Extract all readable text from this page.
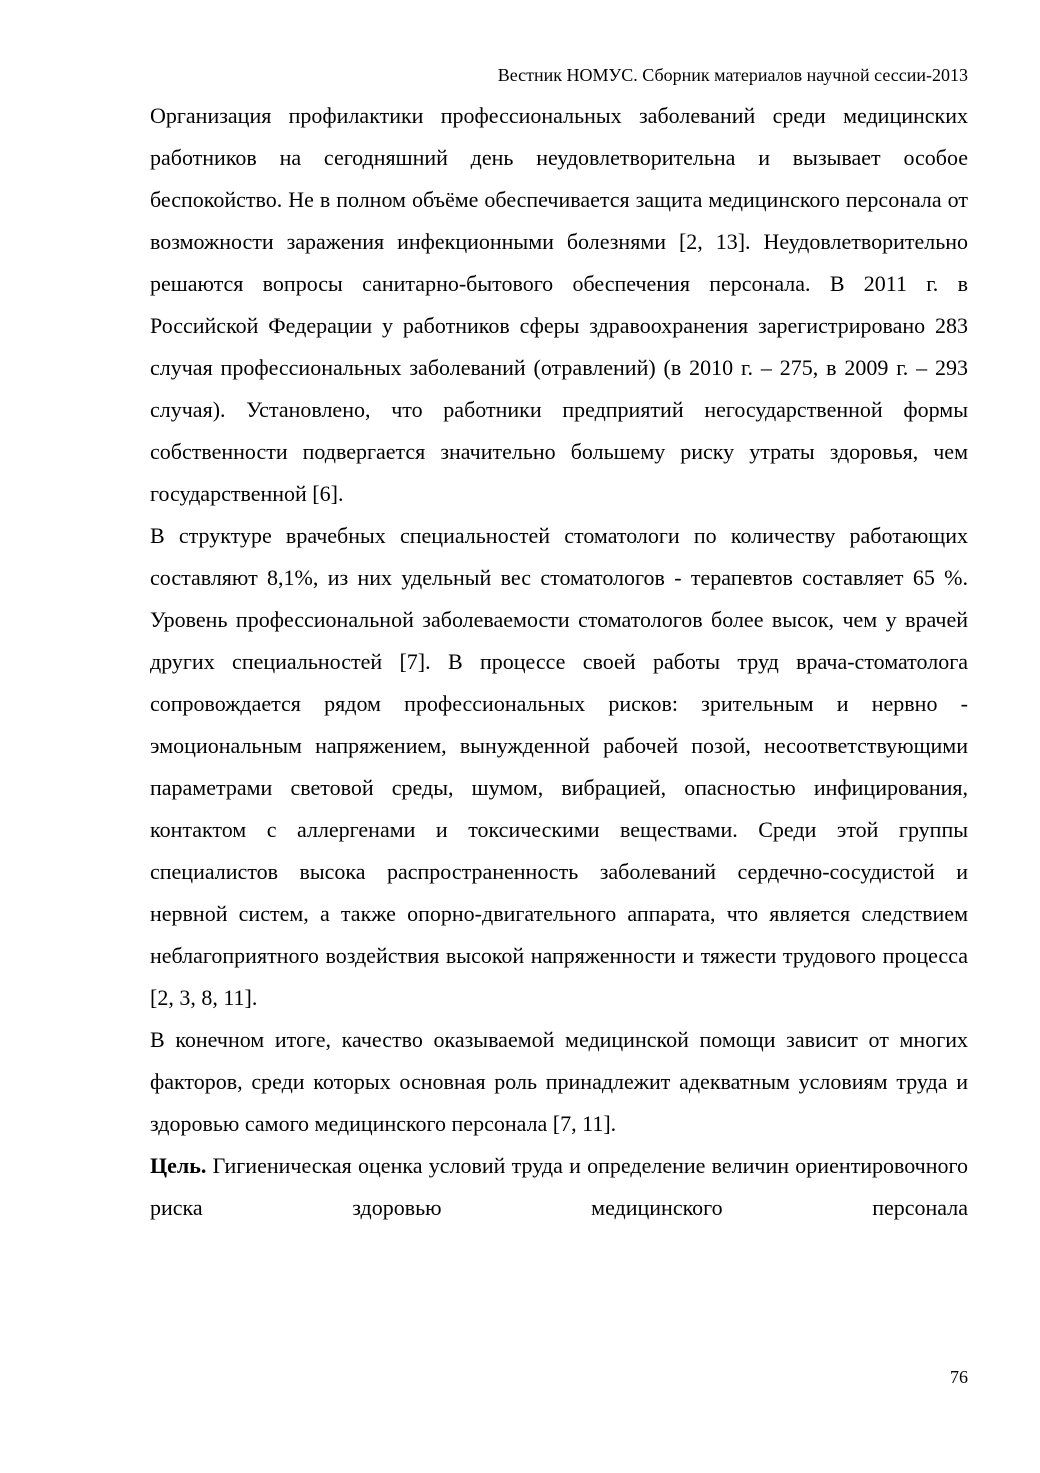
Вестник НОМУС. Сборник материалов научной сессии-2013

Организация профилактики профессиональных заболеваний среди медицинских работников на сегодняшний день неудовлетворительна и вызывает особое беспокойство. Не в полном объёме обеспечивается защита медицинского персонала от возможности заражения инфекционными болезнями [2, 13]. Неудовлетворительно решаются вопросы санитарно-бытового обеспечения персонала. В 2011 г. в Российской Федерации у работников сферы здравоохранения зарегистрировано 283 случая профессиональных заболеваний (отравлений) (в 2010 г. – 275, в 2009 г. – 293 случая). Установлено, что работники предприятий негосударственной формы собственности подвергается значительно большему риску утраты здоровья, чем государственной [6].

В структуре врачебных специальностей стоматологи по количеству работающих составляют 8,1%, из них удельный вес стоматологов - терапевтов составляет 65 %. Уровень профессиональной заболеваемости стоматологов более высок, чем у врачей других специальностей [7]. В процессе своей работы труд врача-стоматолога сопровождается рядом профессиональных рисков: зрительным и нервно - эмоциональным напряжением, вынужденной рабочей позой, несоответствующими параметрами световой среды, шумом, вибрацией, опасностью инфицирования, контактом с аллергенами и токсическими веществами. Среди этой группы специалистов высока распространенность заболеваний сердечно-сосудистой и нервной систем, а также опорно-двигательного аппарата, что является следствием неблагоприятного воздействия высокой напряженности и тяжести трудового процесса [2, 3, 8, 11].

В конечном итоге, качество оказываемой медицинской помощи зависит от многих факторов, среди которых основная роль принадлежит адекватным условиям труда и здоровью самого медицинского персонала [7, 11].

Цель. Гигиеническая оценка условий труда и определение величин ориентировочного риска здоровью медицинского персонала

76
